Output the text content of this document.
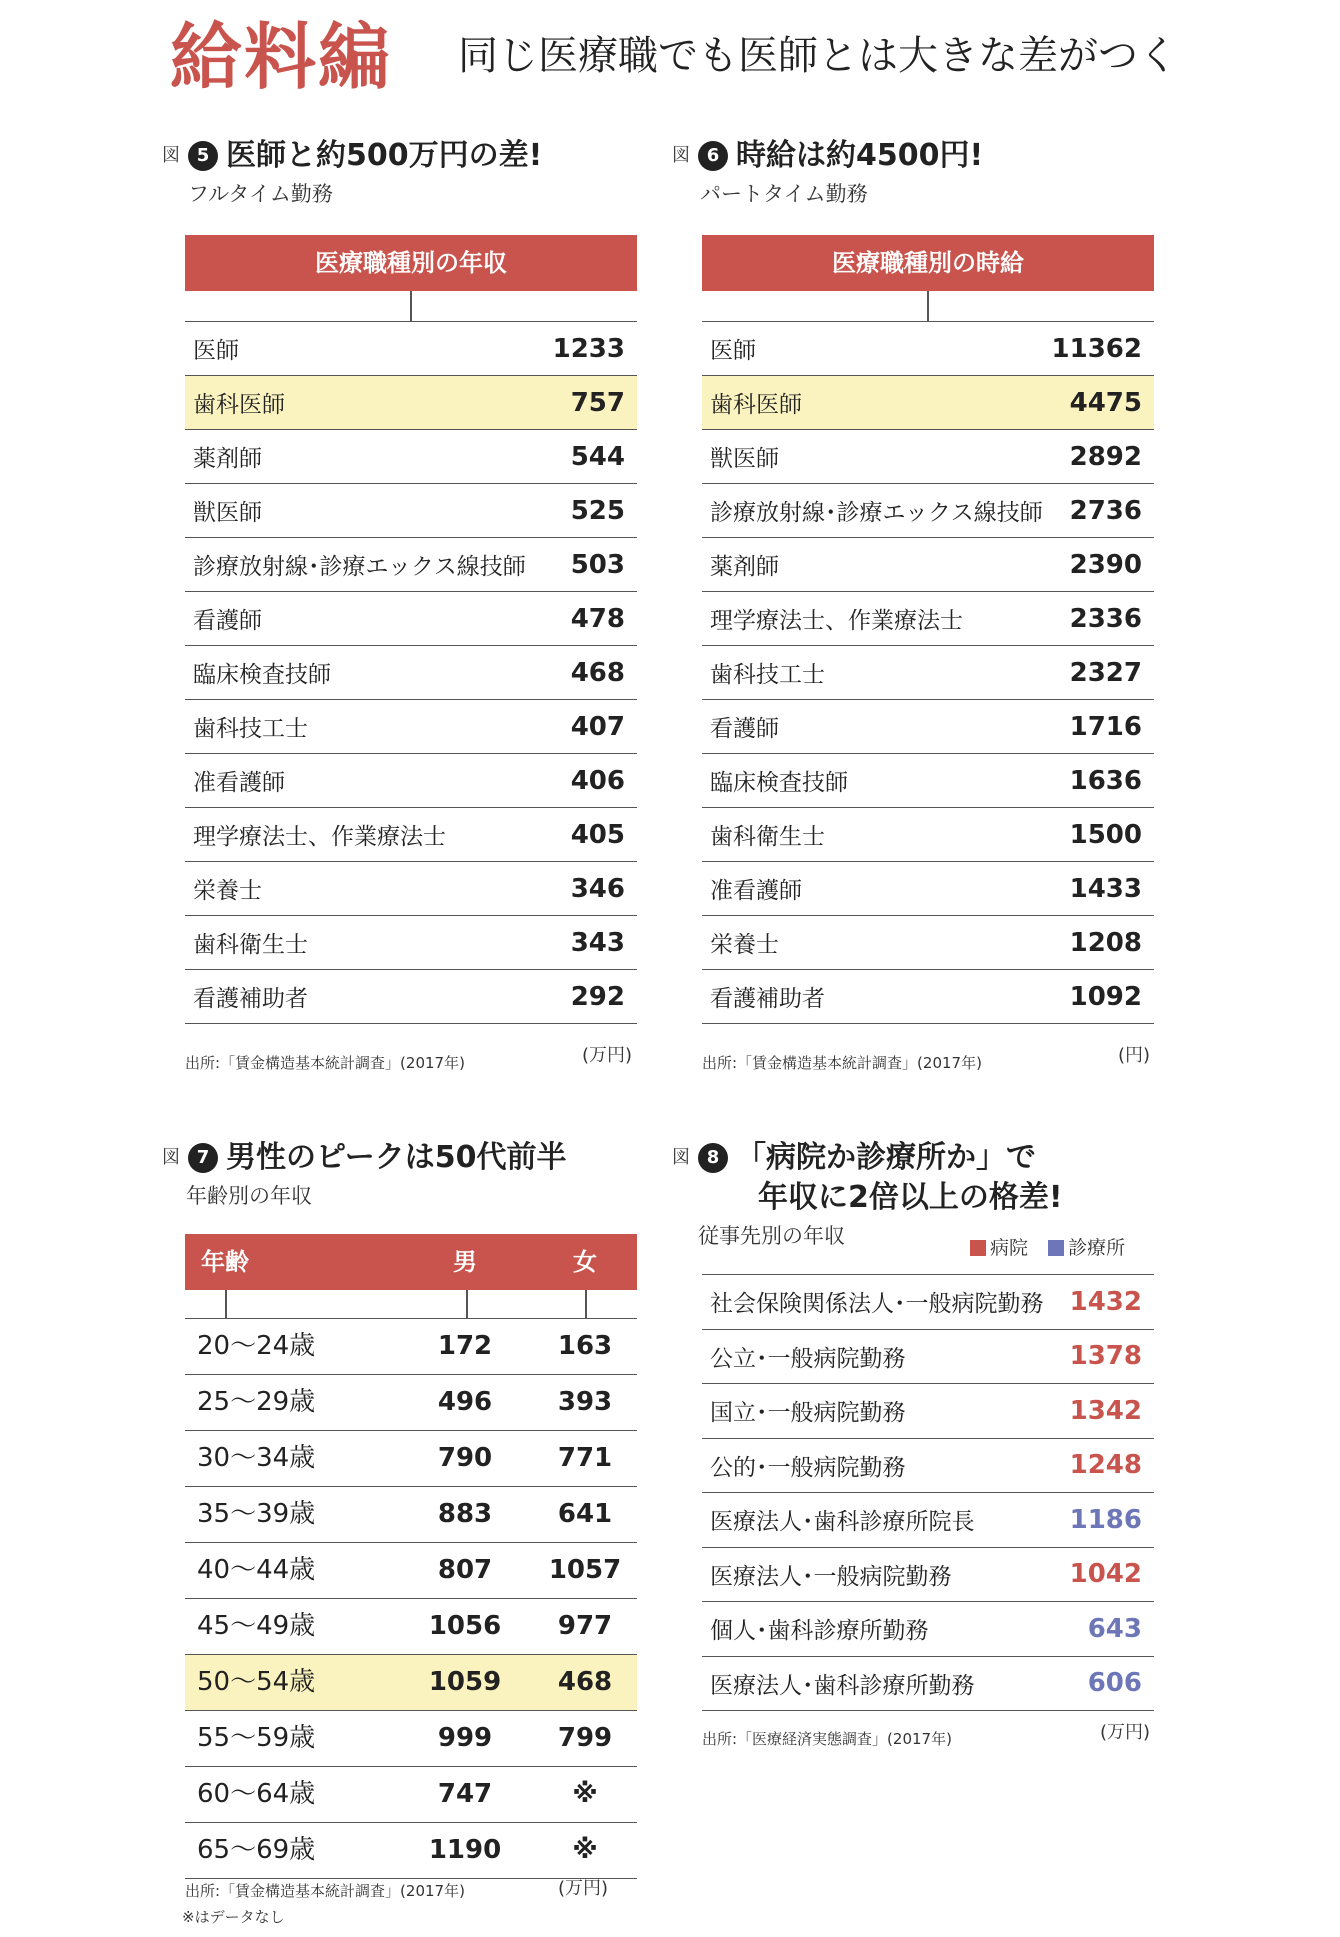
給料編 同じ医療職でも医師とは大きな差がつく
図 5 医師と約500万円の差!
フルタイム勤務
医療職種別の年収
医師	1233
歯科医師	757
薬剤師	544
獣医師	525
診療放射線･診療エックス線技師 503
看護師	478
臨床検査技師	468
歯科技工士	407
准看護師	406
理学療法士、作業療法士	405
栄養士	346
歯科衛生士	343
看護補助者	292
出所:「賃金構造基本統計調査」(2017年)	(万円)
図 6 時給は約4500円!
パートタイム勤務
医療職種別の時給
医師	11362
歯科医師	4475
獣医師	2892
診療放射線･診療エックス線技師 2736
薬剤師	2390
理学療法士、作業療法士	2336
歯科技工士	2327
看護師	1716
臨床検査技師	1636
歯科衛生士	1500
准看護師	1433
栄養士	1208
看護補助者	1092
出所:「賃金構造基本統計調査」(2017年)	(円)
図 7 男性のピークは50代前半
年齢別の年収
年齢	男	女
20〜24歳	172	163
25〜29歳	496	393
30〜34歳	790	771
35〜39歳	883	641
40〜44歳	807	1057
45〜49歳	1056	977
50〜54歳	1059	468
55〜59歳	999	799
60〜64歳	747	※
65〜69歳	1190	※
出所:「賃金構造基本統計調査」(2017年)	(万円)
※はデータなし
図 8 「病院か診療所か」で
年収に2倍以上の格差!
従事先別の年収	病院 診療所
社会保険関係法人･一般病院勤務 1432
公立･一般病院勤務	1378
国立･一般病院勤務	1342
公的･一般病院勤務	1248
医療法人･歯科診療所院長	1186
医療法人･一般病院勤務	1042
個人･歯科診療所勤務	643
医療法人･歯科診療所勤務	606
出所:「医療経済実態調査」(2017年)	(万円)
